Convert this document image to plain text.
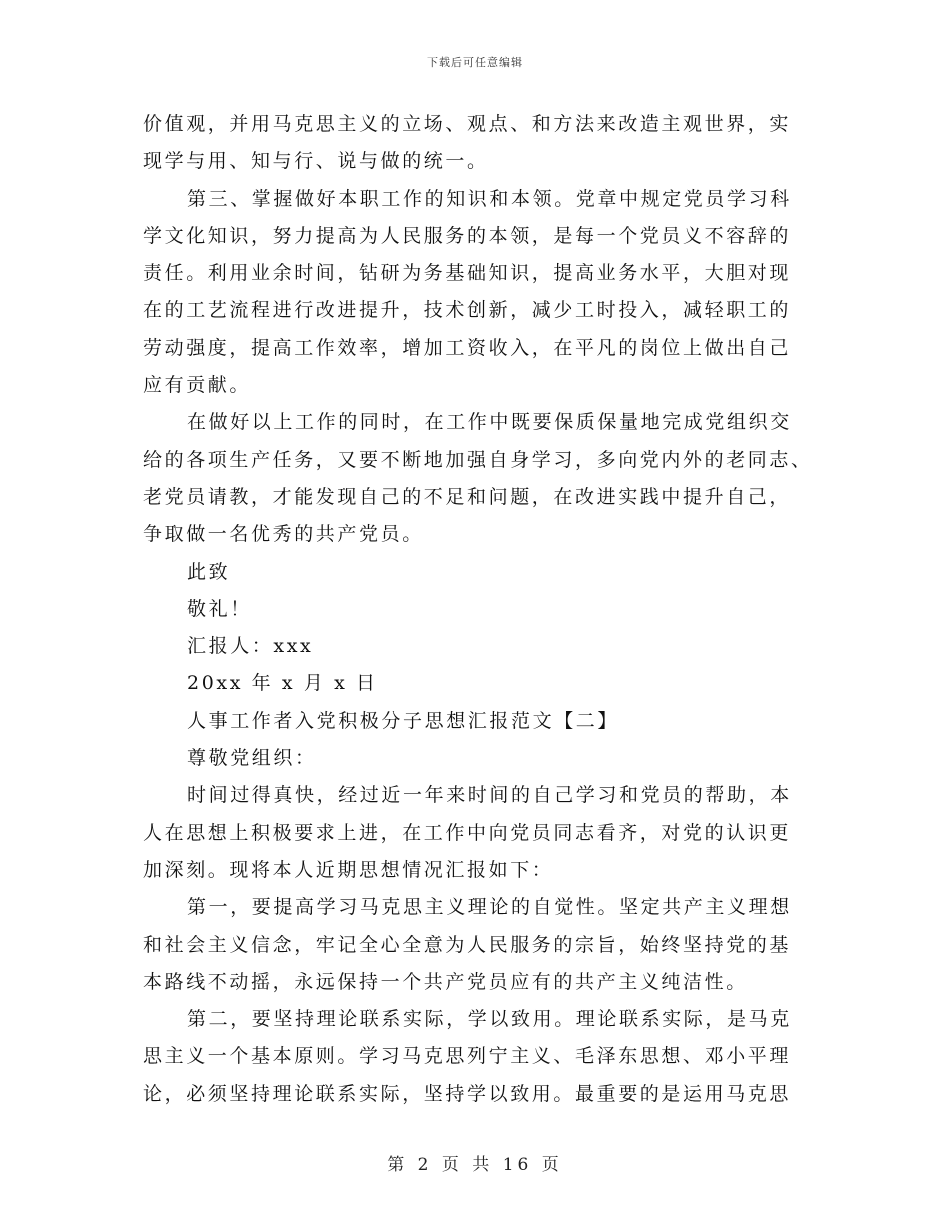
下载后可任意编辑
价值观，并用马克思主义的立场、观点、和方法来改造主观世界，实
现学与用、知与行、说与做的统一。
第三、掌握做好本职工作的知识和本领。党章中规定党员学习科
学文化知识，努力提高为人民服务的本领，是每一个党员义不容辞的
责任。利用业余时间，钻研为务基础知识，提高业务水平，大胆对现
在的工艺流程进行改进提升，技术创新，减少工时投入，减轻职工的
劳动强度，提高工作效率，增加工资收入，在平凡的岗位上做出自己
应有贡献。
在做好以上工作的同时，在工作中既要保质保量地完成党组织交
给的各项生产任务，又要不断地加强自身学习，多向党内外的老同志、
老党员请教，才能发现自己的不足和问题，在改进实践中提升自己，
争取做一名优秀的共产党员。
此致
敬礼！
汇报人：xxx
20xx 年 x 月 x 日
人事工作者入党积极分子思想汇报范文【二】
尊敬党组织：
时间过得真快，经过近一年来时间的自己学习和党员的帮助，本
人在思想上积极要求上进，在工作中向党员同志看齐，对党的认识更
加深刻。现将本人近期思想情况汇报如下：
第一，要提高学习马克思主义理论的自觉性。坚定共产主义理想
和社会主义信念，牢记全心全意为人民服务的宗旨，始终坚持党的基
本路线不动摇，永远保持一个共产党员应有的共产主义纯洁性。
第二，要坚持理论联系实际，学以致用。理论联系实际，是马克
思主义一个基本原则。学习马克思列宁主义、毛泽东思想、邓小平理
论，必须坚持理论联系实际，坚持学以致用。最重要的是运用马克思
第 2 页 共 16 页
